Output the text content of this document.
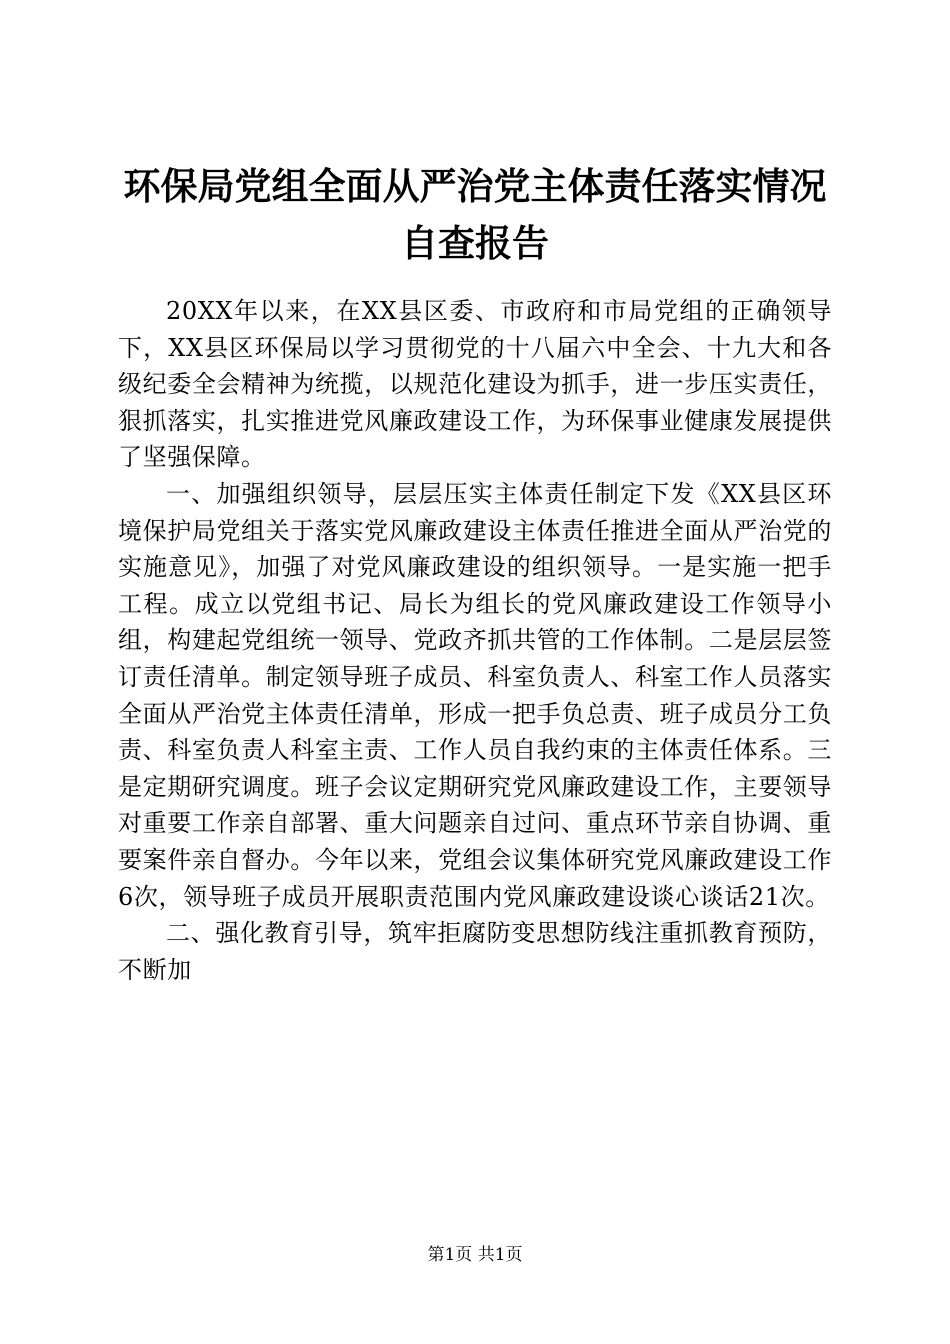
环保局党组全面从严治党主体责任落实情况自查报告

20XX年以来，在XX县区委、市政府和市局党组的正确领导下，XX县区环保局以学习贯彻党的十八届六中全会、十九大和各级纪委全会精神为统揽，以规范化建设为抓手，进一步压实责任，狠抓落实，扎实推进党风廉政建设工作，为环保事业健康发展提供了坚强保障。

一、加强组织领导，层层压实主体责任制定下发《XX县区环境保护局党组关于落实党风廉政建设主体责任推进全面从严治党的实施意见》，加强了对党风廉政建设的组织领导。一是实施一把手工程。成立以党组书记、局长为组长的党风廉政建设工作领导小组，构建起党组统一领导、党政齐抓共管的工作体制。二是层层签订责任清单。制定领导班子成员、科室负责人、科室工作人员落实全面从严治党主体责任清单，形成一把手负总责、班子成员分工负责、科室负责人科室主责、工作人员自我约束的主体责任体系。三是定期研究调度。班子会议定期研究党风廉政建设工作，主要领导对重要工作亲自部署、重大问题亲自过问、重点环节亲自协调、重要案件亲自督办。今年以来，党组会议集体研究党风廉政建设工作6次，领导班子成员开展职责范围内党风廉政建设谈心谈话21次。

二、强化教育引导，筑牢拒腐防变思想防线注重抓教育预防，不断加

第1页 共1页
